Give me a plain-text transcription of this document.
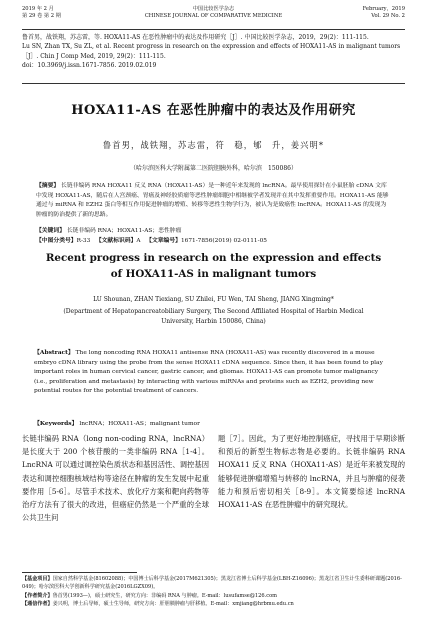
2019 年 2 月
第 29 卷 第 2 期
中国比较医学杂志
CHINESE JOURNAL OF COMPARATIVE MEDICINE
February，2019
Vol. 29 No. 2
鲁首男，战铁翔，苏志雷，等. HOXA11-AS 在恶性肿瘤中的表达及作用研究［J］. 中国比较医学杂志，2019，29(2)：111-115.
Lu SN, Zhan TX, Su ZL, et al. Recent progress in research on the expression and effects of HOXA11-AS in malignant tumors［J］. Chin J Comp Med, 2019, 29(2)：111-115.
doi：10.3969/j.issn.1671-7856. 2019.02.019
HOXA11-AS 在恶性肿瘤中的表达及作用研究
鲁首男，战铁翔，苏志雷，符　稳，郇　升，姜兴明*
（哈尔滨医科大学附属第二医院胆胰外科，哈尔滨　150086）
【摘要】 长链非编码 RNA HOXA11 反义 RNA（HOXA11-AS）是一种近年来发现的 lncRNA。最早使用探针在小鼠胚胎 cDNA 文库中发现 HOXA11-AS，随后在人宫颈癌、胃癌及神经胶质瘤等恶性肿瘤细胞中相继被学者发现并在其中发挥重要作用。HOXA11-AS 能够通过与 miRNA 和 EZH2 蛋白等相互作用促进肿瘤的增殖、转移等恶性生物学行为，被认为是致癌性 lncRNA。HOXA11-AS 的发现为肿瘤的防治提供了新的思路。
【关键词】 长链非编码 RNA；HOXA11-AS；恶性肿瘤
【中图分类号】R-33 【文献标识码】A 【文章编号】1671-7856(2019) 02-0111-05
Recent progress in research on the expression and effects of HOXA11-AS in malignant tumors
LU Shounan, ZHAN Tiexiang, SU Zhilei, FU Wen, TAI Sheng, JIANG Xingming*
(Department of Hepatopancreatobiliary Surgery, The Second Affiliated Hospital of Harbin Medical University, Harbin 150086, China)
【Abstract】 The long noncoding RNA HOXA11 antisense RNA (HOXA11-AS) was recently discovered in a mouse embryo cDNA library using the probe from the sense HOXA11 cDNA sequence. Since then, it has been found to play important roles in human cervical cancer, gastric cancer, and gliomas. HOXA11-AS can promote tumor malignancy (i.e., proliferation and metastasis) by interacting with various miRNAs and proteins such as EZH2, providing new potential routes for the potential treatment of cancers.
【Keywords】 lncRNA；HOXA11-AS；malignant tumor
长链非编码 RNA（long non-coding RNA，lncRNA）是长度大于 200 个核苷酸的一类非编码 RNA［1-4］。LncRNA 可以通过调控染色质状态和基因活性、调控基因表达和调控细胞核域结构等途径在肿瘤的发生发展中起重要作用［5-6］。尽管手术技术、放化疗方案和靶向药物等治疗方法有了很大的改进，但癌症仍然是一个严重的全球公共卫生问
题［7］。因此，为了更好地控制癌症，寻找用于早期诊断和预后的新型生物标志物是必要的。长链非编码 RNA HOXA11 反义 RNA（HOXA11-AS）是近年来被发现的能够促进肿瘤增殖与转移的 lncRNA，并且与肿瘤的侵袭能力和预后密切相关［8-9］。本文简要综述 lncRNA HOXA11-AS 在恶性肿瘤中的研究现状。
【基金项目】国家自然科学基金(81602088)；中国博士后科学基金(2017M621305)；黑龙江省博士后科学基金(LBH-Z16096)；黑龙江省卫生计生委科研课题(2016-049)；哈尔滨医科大学创新科学研究基金(2016LGZX09)。
【作者简介】鲁首男(1993—)，硕士研究生，研究方向：非编码 RNA 与肿瘤。E-mail：lusufamse@126.com
【通信作者】姜兴明，博士后导师，硕士生导师，研究方向：肝胆胰肿瘤与肝移植。E-mail：xmjiang@hrbmu.edu.cn
